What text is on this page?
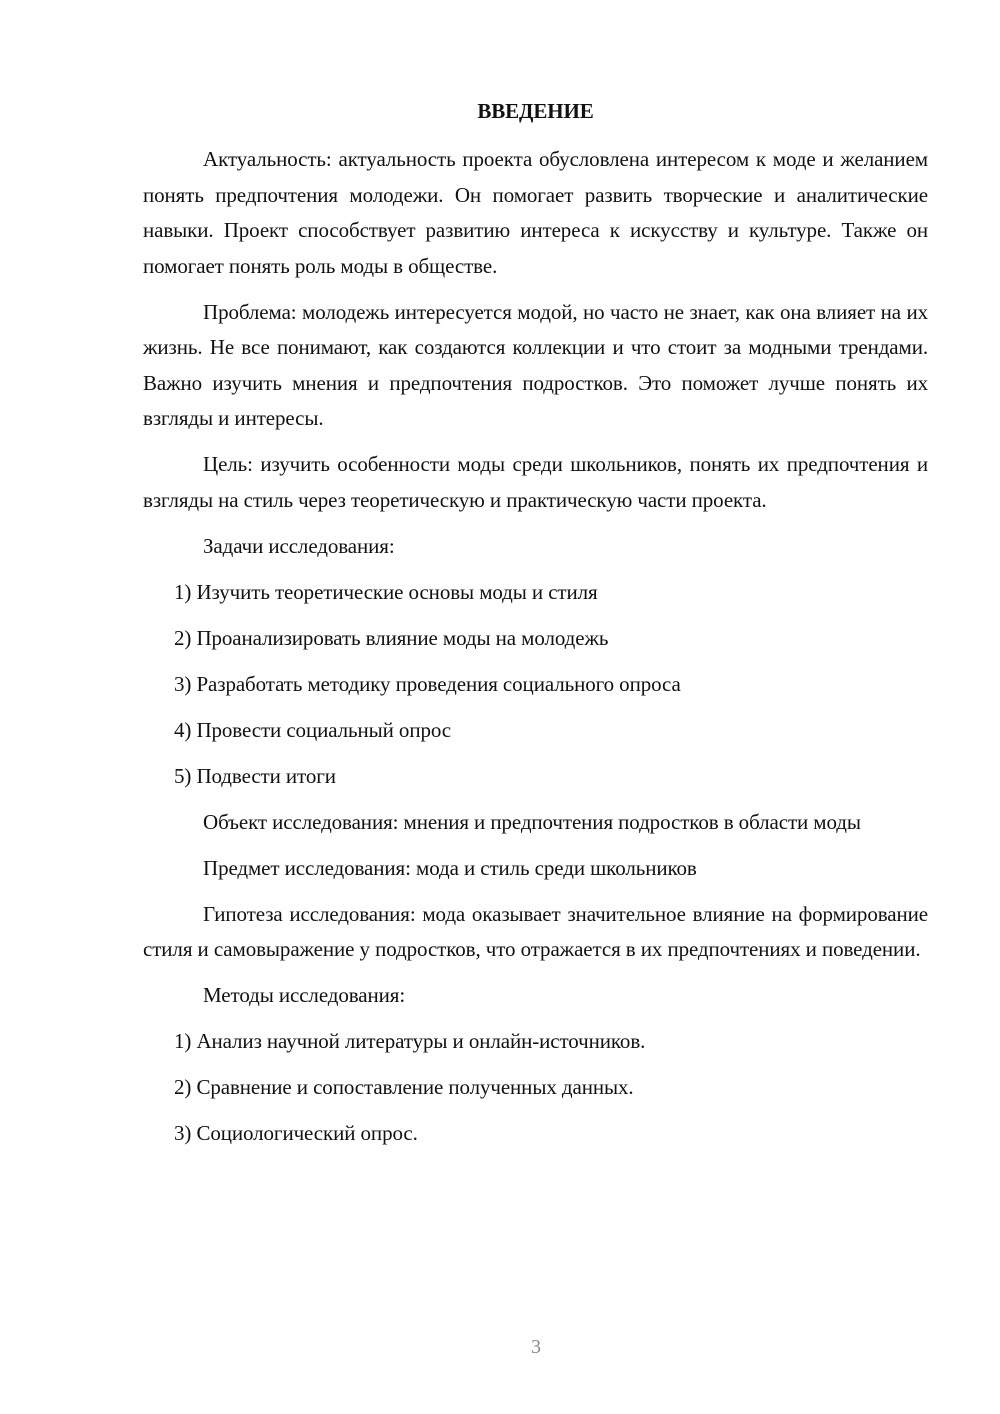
ВВЕДЕНИЕ

Актуальность: актуальность проекта обусловлена интересом к моде и желанием понять предпочтения молодежи. Он помогает развить творческие и аналитические навыки. Проект способствует развитию интереса к искусству и культуре. Также он помогает понять роль моды в обществе.

Проблема: молодежь интересуется модой, но часто не знает, как она влияет на их жизнь. Не все понимают, как создаются коллекции и что стоит за модными трендами. Важно изучить мнения и предпочтения подростков. Это поможет лучше понять их взгляды и интересы.

Цель: изучить особенности моды среди школьников, понять их предпочтения и взгляды на стиль через теоретическую и практическую части проекта.

Задачи исследования:

1) Изучить теоретические основы моды и стиля

2) Проанализировать влияние моды на молодежь

3) Разработать методику проведения социального опроса

4) Провести социальный опрос

5) Подвести итоги

Объект исследования: мнения и предпочтения подростков в области моды

Предмет исследования: мода и стиль среди школьников

Гипотеза исследования: мода оказывает значительное влияние на формирование стиля и самовыражение у подростков, что отражается в их предпочтениях и поведении.

Методы исследования:

1) Анализ научной литературы и онлайн-источников.

2) Сравнение и сопоставление полученных данных.

3) Социологический опрос.

3
